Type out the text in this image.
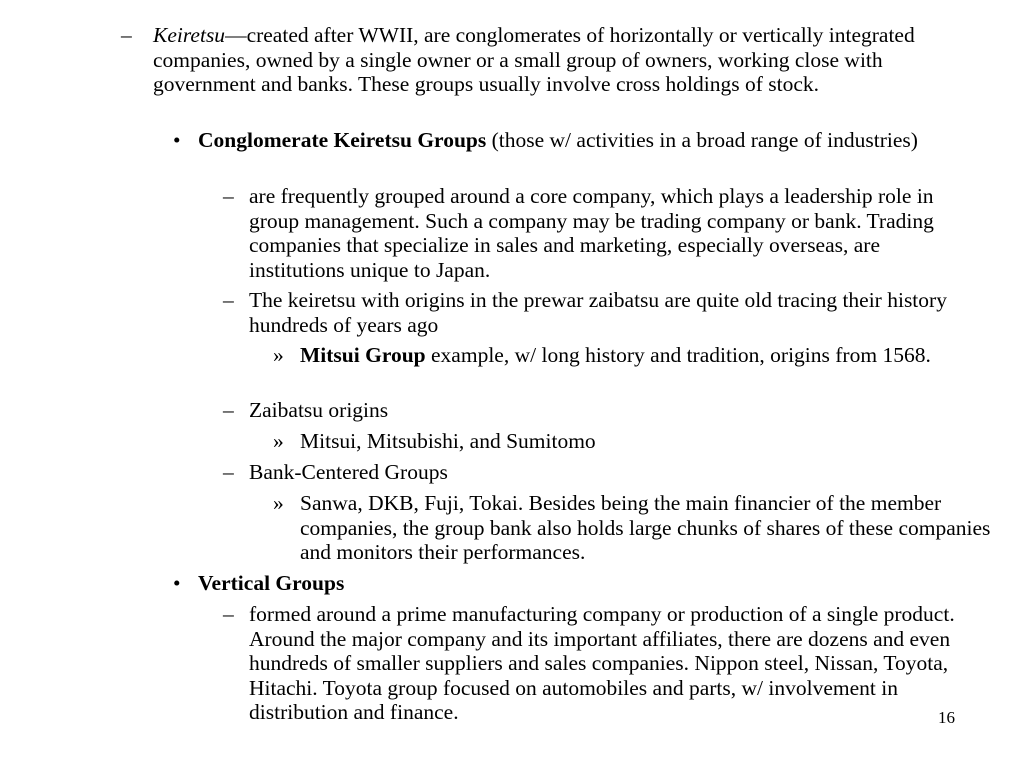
– Keiretsu—created after WWII, are conglomerates of horizontally or vertically integrated companies, owned by a single owner or a small group of owners, working close with government and banks. These groups usually involve cross holdings of stock.
• Conglomerate Keiretsu Groups (those w/ activities in a broad range of industries)
– are frequently grouped around a core company, which plays a leadership role in group management. Such a company may be trading company or bank. Trading companies that specialize in sales and marketing, especially overseas, are institutions unique to Japan.
– The keiretsu with origins in the prewar zaibatsu are quite old tracing their history hundreds of years ago
» Mitsui Group example, w/ long history and tradition, origins from 1568.
– Zaibatsu origins
» Mitsui, Mitsubishi, and Sumitomo
– Bank-Centered Groups
» Sanwa, DKB, Fuji, Tokai. Besides being the main financier of the member companies, the group bank also holds large chunks of shares of these companies and monitors their performances.
• Vertical Groups
– formed around a prime manufacturing company or production of a single product. Around the major company and its important affiliates, there are dozens and even hundreds of smaller suppliers and sales companies. Nippon steel, Nissan, Toyota, Hitachi. Toyota group focused on automobiles and parts, w/ involvement in distribution and finance.	16
